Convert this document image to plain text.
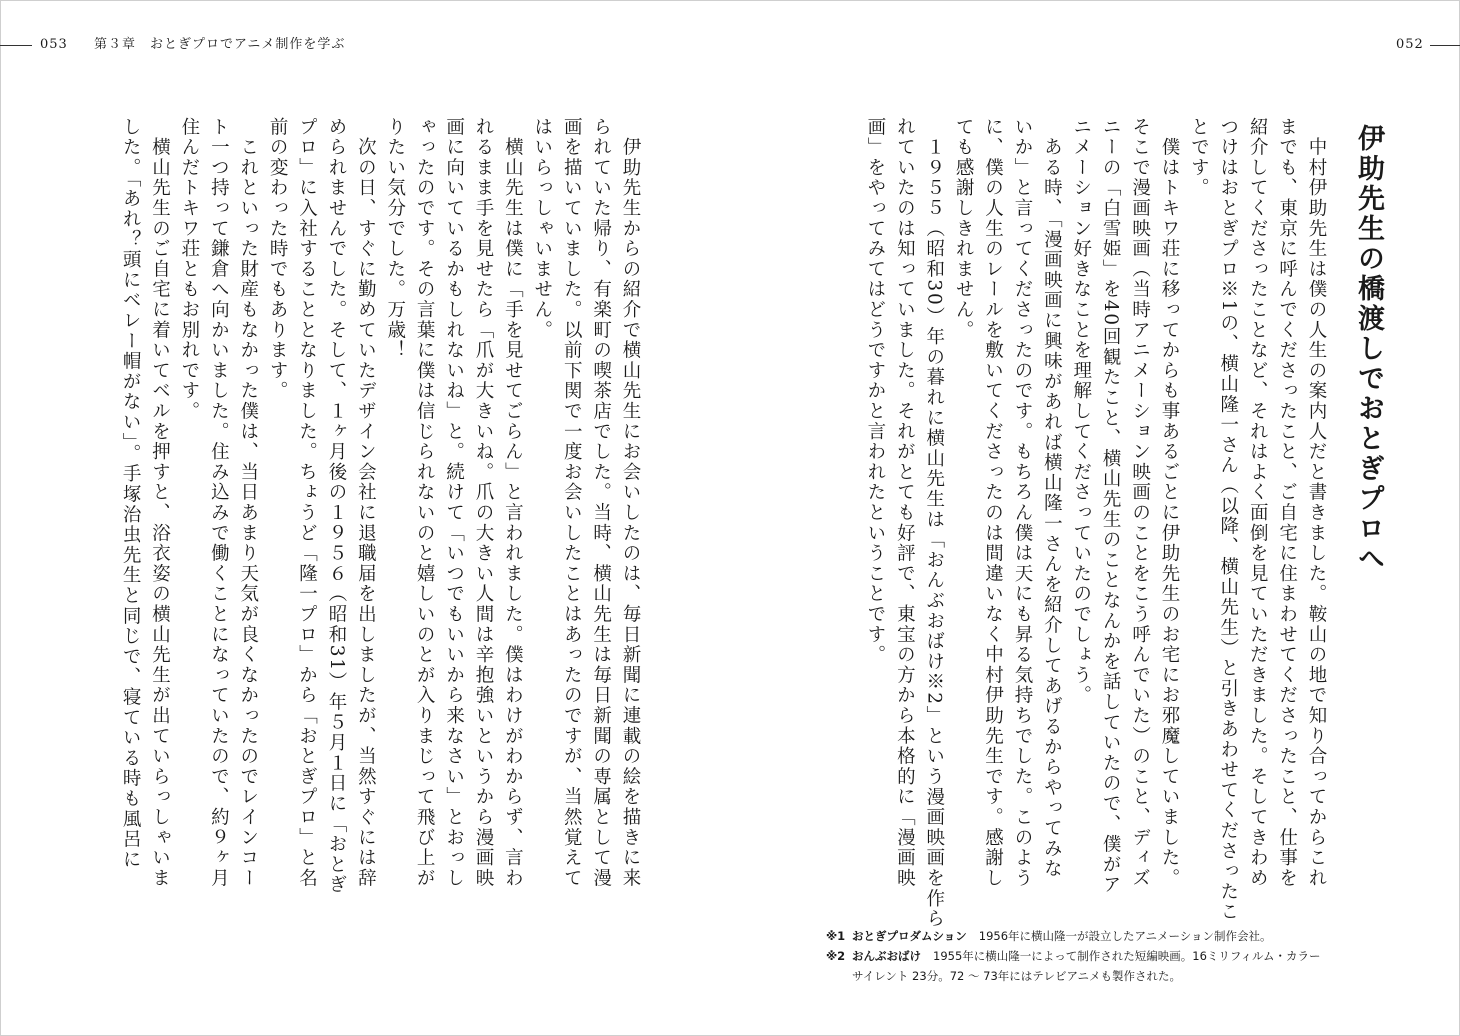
053 第３章　おとぎプロでアニメ制作を学ぶ	052
伊助先生の橋渡しでおとぎプロへ
　中村伊助先生は僕の人生の案内人だと書きました。鞍山の地で知り合ってからこれ
までも、東京に呼んでくださったこと、ご自宅に住まわせてくださったこと、仕事を
紹介してくださったことなど、それはよく面倒を見ていただきました。そしてきわめ
つけはおとぎプロ※1の、横山隆一さん（以降、横山先生）と引きあわせてくださったこ
とです。
　僕はトキワ荘に移ってからも事あるごとに伊助先生のお宅にお邪魔していました。
そこで漫画映画（当時アニメーション映画のことをこう呼んでいた）のこと、ディズ
ニーの「白雪姫」を40回観たこと、横山先生のことなんかを話していたので、僕がア
ニメーション好きなことを理解してくださっていたのでしょう。
　ある時、「漫画映画に興味があれば横山隆一さんを紹介してあげるからやってみな
いか」と言ってくださったのです。もちろん僕は天にも昇る気持ちでした。このよう
に、僕の人生のレールを敷いてくださったのは間違いなく中村伊助先生です。感謝し
ても感謝しきれません。
　１９５５（昭和30）年の暮れに横山先生は「おんぶおばけ※2」という漫画映画を作ら
れていたのは知っていました。それがとても好評で、東宝の方から本格的に「漫画映
画」をやってみてはどうですかと言われたということです。
　伊助先生からの紹介で横山先生にお会いしたのは、毎日新聞に連載の絵を描きに来
られていた帰り、有楽町の喫茶店でした。当時、横山先生は毎日新聞の専属として漫
画を描いていました。以前下関で一度お会いしたことはあったのですが、当然覚えて
はいらっしゃいません。
　横山先生は僕に「手を見せてごらん」と言われました。僕はわけがわからず、言わ
れるまま手を見せたら「爪が大きいね。爪の大きい人間は辛抱強いというから漫画映
画に向いているかもしれないね」と。続けて「いつでもいいから来なさい」とおっし
ゃったのです。その言葉に僕は信じられないのと嬉しいのとが入りまじって飛び上が
りたい気分でした。万歳！
　次の日、すぐに勤めていたデザイン会社に退職届を出しましたが、当然すぐには辞
められませんでした。そして、１ヶ月後の１９５６（昭和31）年５月１日に「おとぎ
プロ」に入社することとなりました。ちょうど「隆一プロ」から「おとぎプロ」と名
前の変わった時でもあります。
　これといった財産もなかった僕は、当日あまり天気が良くなかったのでレインコー
ト一つ持って鎌倉へ向かいました。住み込みで働くことになっていたので、約９ヶ月
住んだトキワ荘ともお別れです。
　横山先生のご自宅に着いてベルを押すと、浴衣姿の横山先生が出ていらっしゃいま
した。「あれ？頭にベレー帽がない」。手塚治虫先生と同じで、寝ている時も風呂に
※1 おとぎプロダムション 1956年に横山隆一が設立したアニメーション制作会社。
※2 おんぶおばけ 1955年に横山隆一によって制作された短編映画。16ミリフィルム・カラー
サイレント 23分。72 〜 73年にはテレビアニメも製作された。
